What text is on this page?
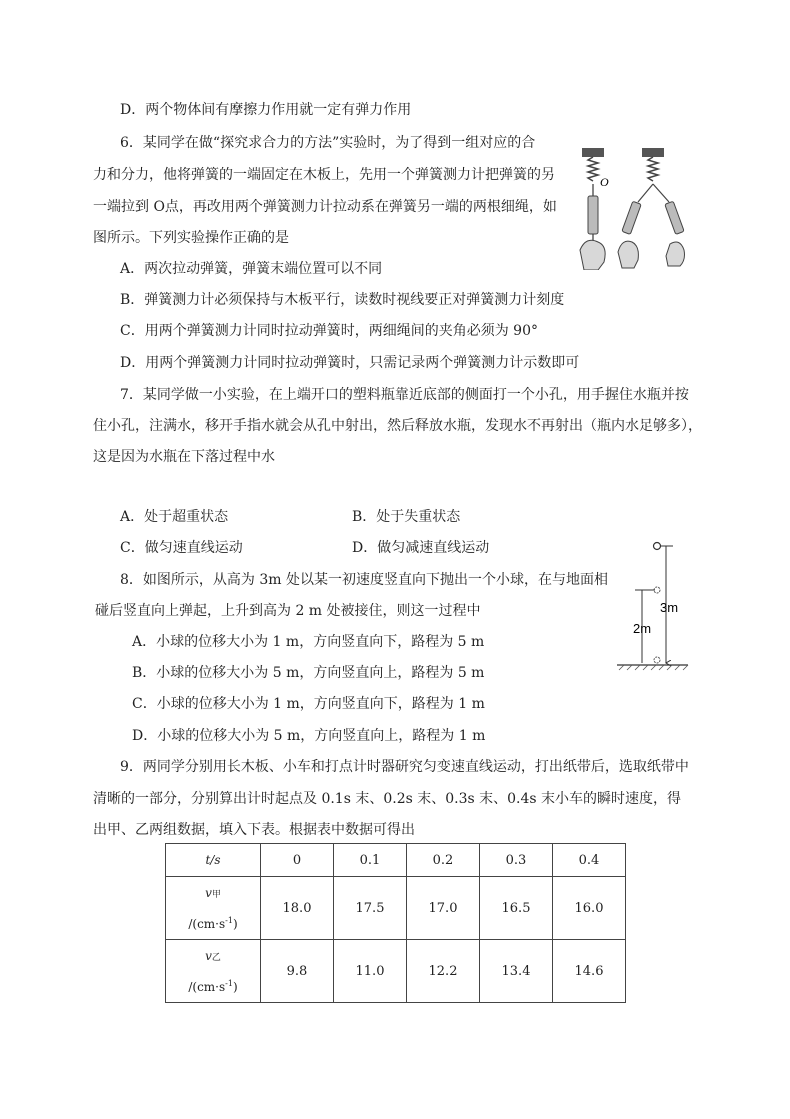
D．两个物体间有摩擦力作用就一定有弹力作用
6．某同学在做“探究求合力的方法”实验时，为了得到一组对应的合
力和分力，他将弹簧的一端固定在木板上，先用一个弹簧测力计把弹簧的另
一端拉到 O点，再改用两个弹簧测力计拉动系在弹簧另一端的两根细绳，如
图所示。下列实验操作正确的是
A．两次拉动弹簧，弹簧末端位置可以不同
B．弹簧测力计必须保持与木板平行，读数时视线要正对弹簧测力计刻度
C．用两个弹簧测力计同时拉动弹簧时，两细绳间的夹角必须为 90°
D．用两个弹簧测力计同时拉动弹簧时，只需记录两个弹簧测力计示数即可
O
7．某同学做一小实验，在上端开口的塑料瓶靠近底部的侧面打一个小孔，用手握住水瓶并按
住小孔，注满水，移开手指水就会从孔中射出，然后释放水瓶，发现水不再射出（瓶内水足够多），
这是因为水瓶在下落过程中水
A．处于超重状态	B．处于失重状态
C．做匀速直线运动	D．做匀减速直线运动
8．如图所示，从高为 3m 处以某一初速度竖直向下抛出一个小球，在与地面相
碰后竖直向上弹起，上升到高为 2 m 处被接住，则这一过程中
A．小球的位移大小为 1 m，方向竖直向下，路程为 5 m
B．小球的位移大小为 5 m，方向竖直向上，路程为 5 m
C．小球的位移大小为 1 m，方向竖直向下，路程为 1 m
D．小球的位移大小为 5 m，方向竖直向上，路程为 1 m
3m
2m
9．两同学分别用长木板、小车和打点计时器研究匀变速直线运动，打出纸带后，选取纸带中
清晰的一部分，分别算出计时起点及 0.1s 末、0.2s 末、0.3s 末、0.4s 末小车的瞬时速度，得
出甲、乙两组数据，填入下表。根据表中数据可得出
t/s	0	0.1	0.2	0.3	0.4
v甲
$/(cm\cdot s^{-1})$	18.0	17.5	17.0	16.5	16.0
v乙
$/(cm\cdot s^{-1})$	9.8	11.0	12.2	13.4	14.6
